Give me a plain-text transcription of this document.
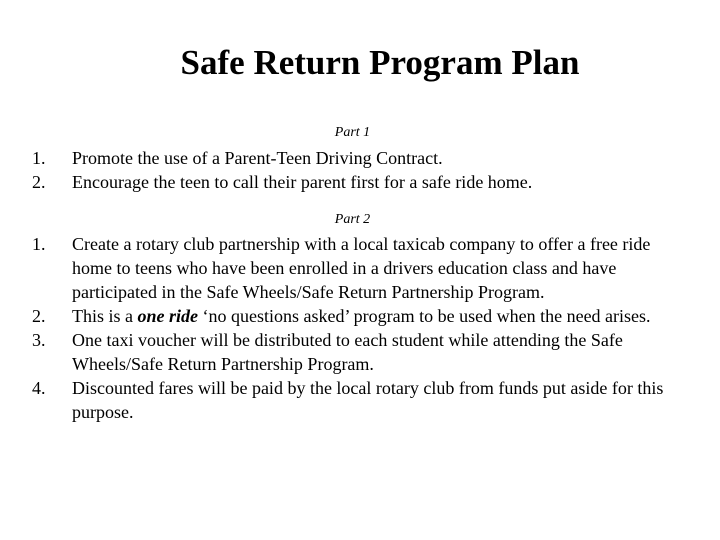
Safe Return Program Plan
Part 1
1. Promote the use of a Parent-Teen Driving Contract.
2. Encourage the teen to call their parent first for a safe ride home.
Part 2
1. Create a rotary club partnership with a local taxicab company to offer a free ride home to teens who have been enrolled in a drivers education class and have participated in the Safe Wheels/Safe Return Partnership Program.
2. This is a one ride ‘no questions asked’ program to be used when the need arises.
3. One taxi voucher will be distributed to each student while attending the Safe Wheels/Safe Return Partnership Program.
4. Discounted fares will be paid by the local rotary club from funds put aside for this purpose.
